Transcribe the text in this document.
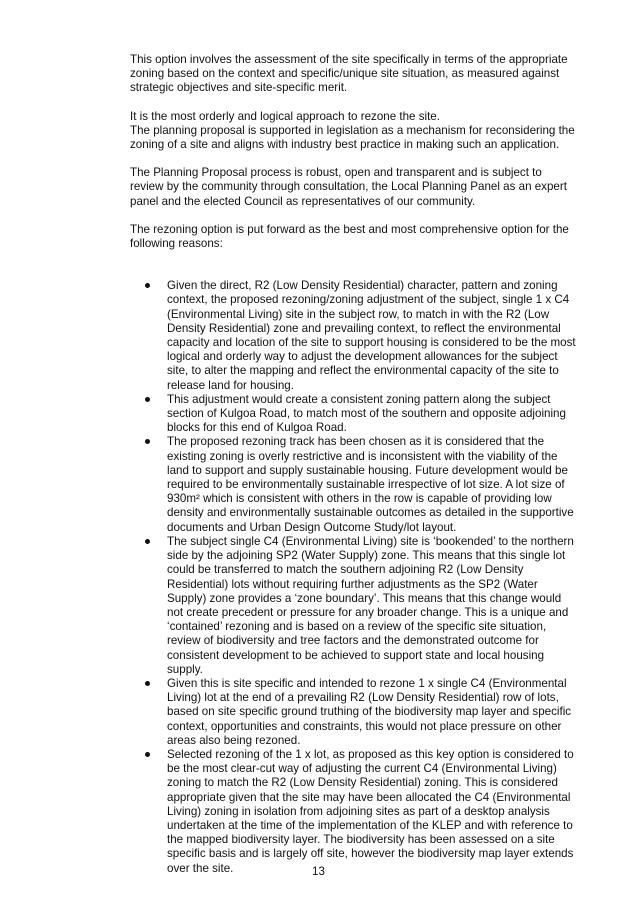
This option involves the assessment of the site specifically in terms of the appropriate
zoning based on the context and specific/unique site situation, as measured against
strategic objectives and site-specific merit.

It is the most orderly and logical approach to rezone the site.
The planning proposal is supported in legislation as a mechanism for reconsidering the
zoning of a site and aligns with industry best practice in making such an application.

The Planning Proposal process is robust, open and transparent and is subject to
review by the community through consultation, the Local Planning Panel as an expert
panel and the elected Council as representatives of our community.

The rezoning option is put forward as the best and most comprehensive option for the
following reasons:

Given the direct, R2 (Low Density Residential) character, pattern and zoning
context, the proposed rezoning/zoning adjustment of the subject, single 1 x C4
(Environmental Living) site in the subject row, to match in with the R2 (Low
Density Residential) zone and prevailing context, to reflect the environmental
capacity and location of the site to support housing is considered to be the most
logical and orderly way to adjust the development allowances for the subject
site, to alter the mapping and reflect the environmental capacity of the site to
release land for housing.
This adjustment would create a consistent zoning pattern along the subject
section of Kulgoa Road, to match most of the southern and opposite adjoining
blocks for this end of Kulgoa Road.
The proposed rezoning track has been chosen as it is considered that the
existing zoning is overly restrictive and is inconsistent with the viability of the
land to support and supply sustainable housing. Future development would be
required to be environmentally sustainable irrespective of lot size. A lot size of
930m² which is consistent with others in the row is capable of providing low
density and environmentally sustainable outcomes as detailed in the supportive
documents and Urban Design Outcome Study/lot layout.
The subject single C4 (Environmental Living) site is ‘bookended’ to the northern
side by the adjoining SP2 (Water Supply) zone. This means that this single lot
could be transferred to match the southern adjoining R2 (Low Density
Residential) lots without requiring further adjustments as the SP2 (Water
Supply) zone provides a ‘zone boundary’. This means that this change would
not create precedent or pressure for any broader change. This is a unique and
‘contained’ rezoning and is based on a review of the specific site situation,
review of biodiversity and tree factors and the demonstrated outcome for
consistent development to be achieved to support state and local housing
supply.
Given this is site specific and intended to rezone 1 x single C4 (Environmental
Living) lot at the end of a prevailing R2 (Low Density Residential) row of lots,
based on site specific ground truthing of the biodiversity map layer and specific
context, opportunities and constraints, this would not place pressure on other
areas also being rezoned.
Selected rezoning of the 1 x lot, as proposed as this key option is considered to
be the most clear-cut way of adjusting the current C4 (Environmental Living)
zoning to match the R2 (Low Density Residential) zoning. This is considered
appropriate given that the site may have been allocated the C4 (Environmental
Living) zoning in isolation from adjoining sites as part of a desktop analysis
undertaken at the time of the implementation of the KLEP and with reference to
the mapped biodiversity layer. The biodiversity has been assessed on a site
specific basis and is largely off site, however the biodiversity map layer extends
over the site.	13
